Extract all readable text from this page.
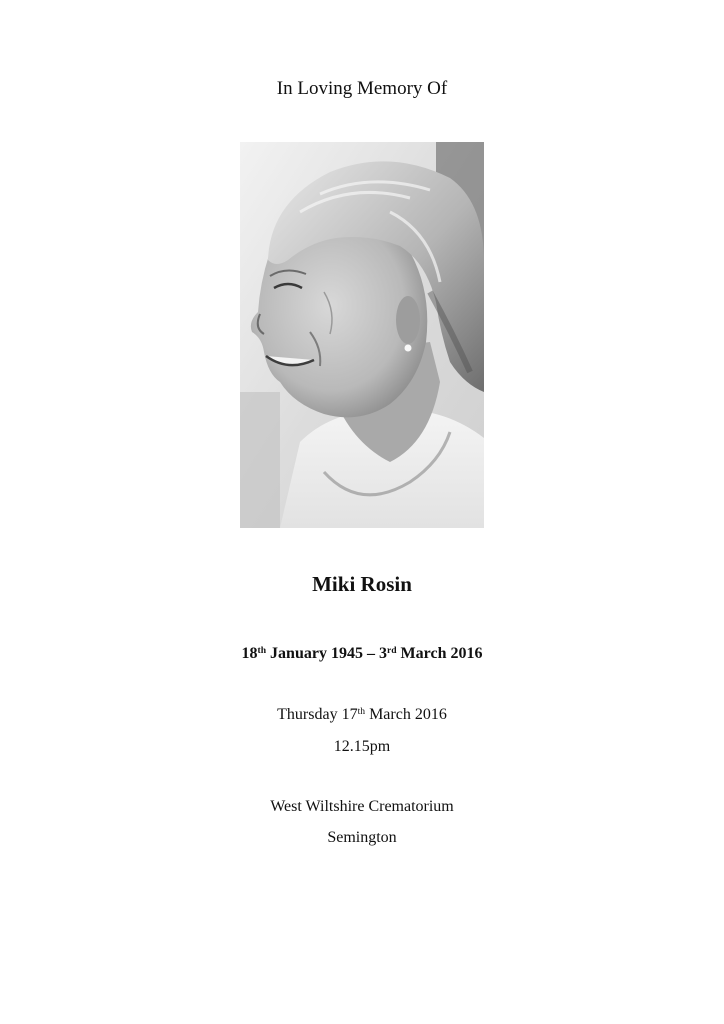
In Loving Memory Of
Miki Rosin
18th January 1945 – 3rd March 2016
Thursday 17th March 2016
12.15pm
West Wiltshire Crematorium
Semington
